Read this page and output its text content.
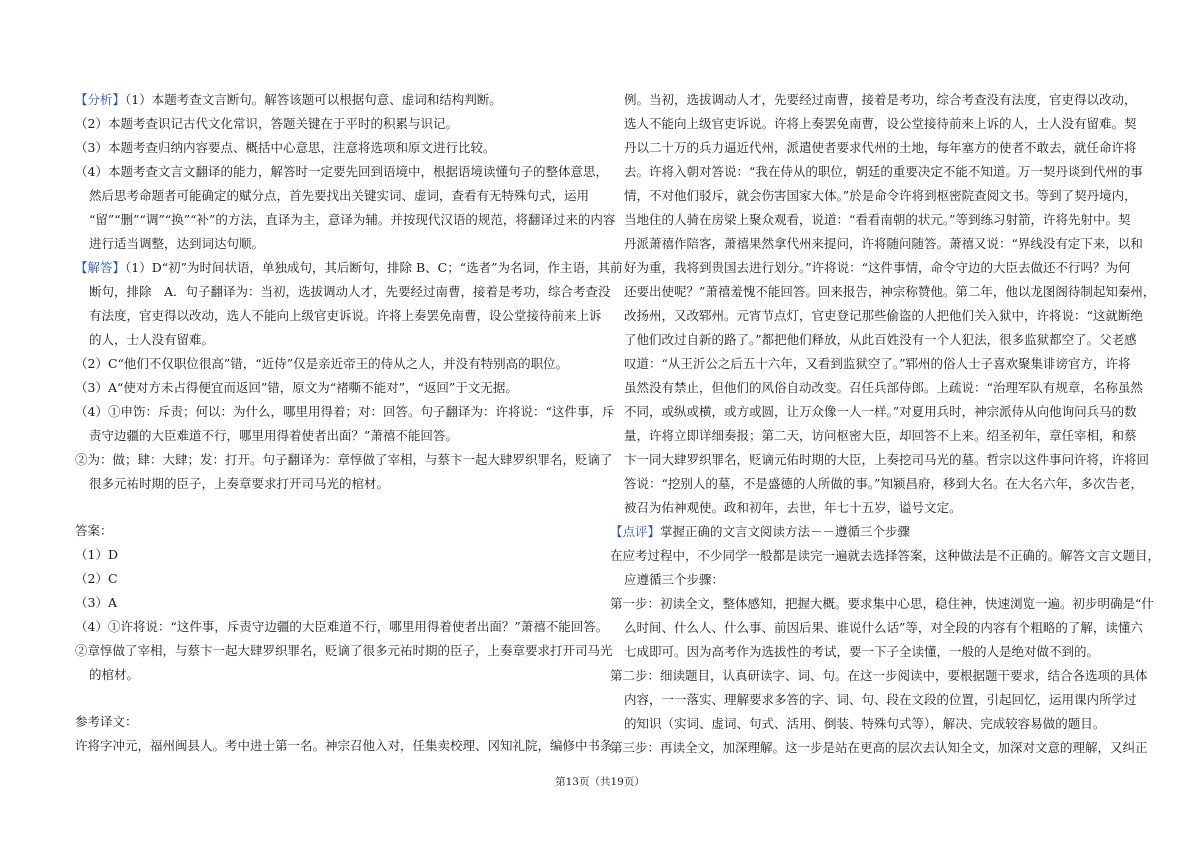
【分析】（1）本题考查文言断句。解答该题可以根据句意、虚词和结构判断。
（2）本题考查识记古代文化常识，答题关键在于平时的积累与识记。
（3）本题考查归纳内容要点、概括中心意思，注意将选项和原文进行比较。
（4）本题考查文言文翻译的能力，解答时一定要先回到语境中，根据语境读懂句子的整体意思，
然后思考命题者可能确定的赋分点，首先要找出关键实词、虚词，查看有无特殊句式，运用
“留”“删”“调”“换”“补”的方法，直译为主，意译为辅。并按现代汉语的规范，将翻译过来的内容
进行适当调整，达到词达句顺。
【解答】（1）D“初”为时间状语，单独成句，其后断句，排除 B、C；“选者”为名词，作主语，其前
断句，排除　A．句子翻译为：当初，选拔调动人才，先要经过南曹，接着是考功，综合考查没
有法度，官吏得以改动，选人不能向上级官吏诉说。许将上奏罢免南曹，设公堂接待前来上诉
的人，士人没有留难。
（2）C“他们不仅职位很高”错，“近侍”仅是亲近帝王的侍从之人，并没有特别高的职位。
（3）A“使对方未占得便宜而返回”错，原文为“褚嘶不能对”，“返回”于文无据。
（4）①申饬：斥责；何以：为什么，哪里用得着；对：回答。句子翻译为：许将说：“这件事，斥
责守边疆的大臣难道不行，哪里用得着使者出面？”萧禧不能回答。
②为：做；肆：大肆；发：打开。句子翻译为：章惇做了宰相，与蔡卞一起大肆罗织罪名，贬谪了
很多元祐时期的臣子，上奏章要求打开司马光的棺材。
答案：
（1）D
（2）C
（3）A
（4）①许将说：“这件事，斥责守边疆的大臣难道不行，哪里用得着使者出面？”萧禧不能回答。
②章惇做了宰相，与蔡卞一起大肆罗织罪名，贬谪了很多元祐时期的臣子，上奏章要求打开司马光
的棺材。
参考译文：
许将字冲元，福州闽县人。考中进士第一名。神宗召他入对，任集卖校理、冈知礼院，编修中书条
例。当初，选拔调动人才，先要经过南曹，接着是考功，综合考查没有法度，官吏得以改动，
选人不能向上级官吏诉说。许将上奏罢免南曹，设公堂接待前来上诉的人，士人没有留难。契
丹以二十万的兵力逼近代州，派遣使者要求代州的土地，每年塞方的使者不敢去，就任命许将
去。许将入朝对答说：“我在侍从的职位，朝廷的重要决定不能不知道。万一契丹谈到代州的事
情，不对他们驳斥，就会伤害国家大体。”於是命令许将到枢密院查阅文书。等到了契丹境内，
当地住的人骑在房梁上聚众观看，说道：“看看南朝的状元。”等到练习射箭，许将先射中。契
丹派萧禧作陪客，萧禧果然拿代州来提问，许将随问随答。萧禧又说：“界线没有定下来，以和
好为重，我将到贵国去进行划分。”许将说：“这件事情，命令守边的大臣去做还不行吗？为何
还要出使呢？”萧禧羞愧不能回答。回来报告，神宗称赞他。第二年，他以龙图阁待制起知秦州，
改扬州，又改郓州。元宵节点灯，官吏登记那些偷盗的人把他们关入狱中，许将说：“这就断绝
了他们改过自新的路了。”都把他们释放，从此百姓没有一个人犯法，很多监狱都空了。父老感
叹道：“从王沂公之后五十六年，又看到监狱空了。”郓州的俗人士子喜欢聚集诽谤官方，许将
虽然没有禁止，但他们的风俗自动改变。召任兵部侍郎。上疏说：“治理军队有规章，名称虽然
不同，或纵或横，或方或圆，让万众像一人一样。”对夏用兵时，神宗派侍从向他询问兵马的数
量，许将立即详细奏报；第二天，访问枢密大臣，却回答不上来。绍圣初年，章任宰相，和蔡
卞一同大肆罗织罪名，贬谪元佑时期的大臣，上奏挖司马光的墓。哲宗以这件事问许将，许将回
答说：“挖别人的墓，不是盛德的人所做的事。”知颍昌府，移到大名。在大名六年，多次告老，
被召为佑神观使。政和初年，去世，年七十五岁，谥号文定。
【点评】掌握正确的文言文阅读方法－－遵循三个步骤
在应考过程中，不少同学一般都是读完一遍就去选择答案，这种做法是不正确的。解答文言文题目，
应遵循三个步骤：
第一步：初读全文，整体感知，把握大概。要求集中心思，稳住神，快速浏览一遍。初步明确是“什
么时间、什么人、什么事、前因后果、谁说什么话”等，对全段的内容有个粗略的了解，读懂六
七成即可。因为高考作为选拔性的考试，要一下子全读懂，一般的人是绝对做不到的。
第二步：细读题目，认真研读字、词、句。在这一步阅读中，要根据题干要求，结合各选项的具体
内容，一一落实、理解要求多答的字、词、句、段在文段的位置，引起回忆，运用课内所学过
的知识（实词、虚词、句式、活用、倒装、特殊句式等），解决、完成较容易做的题目。
第三步：再读全文，加深理解。这一步是站在更高的层次去认知全文，加深对文意的理解，又纠正
第13页（共19页）
